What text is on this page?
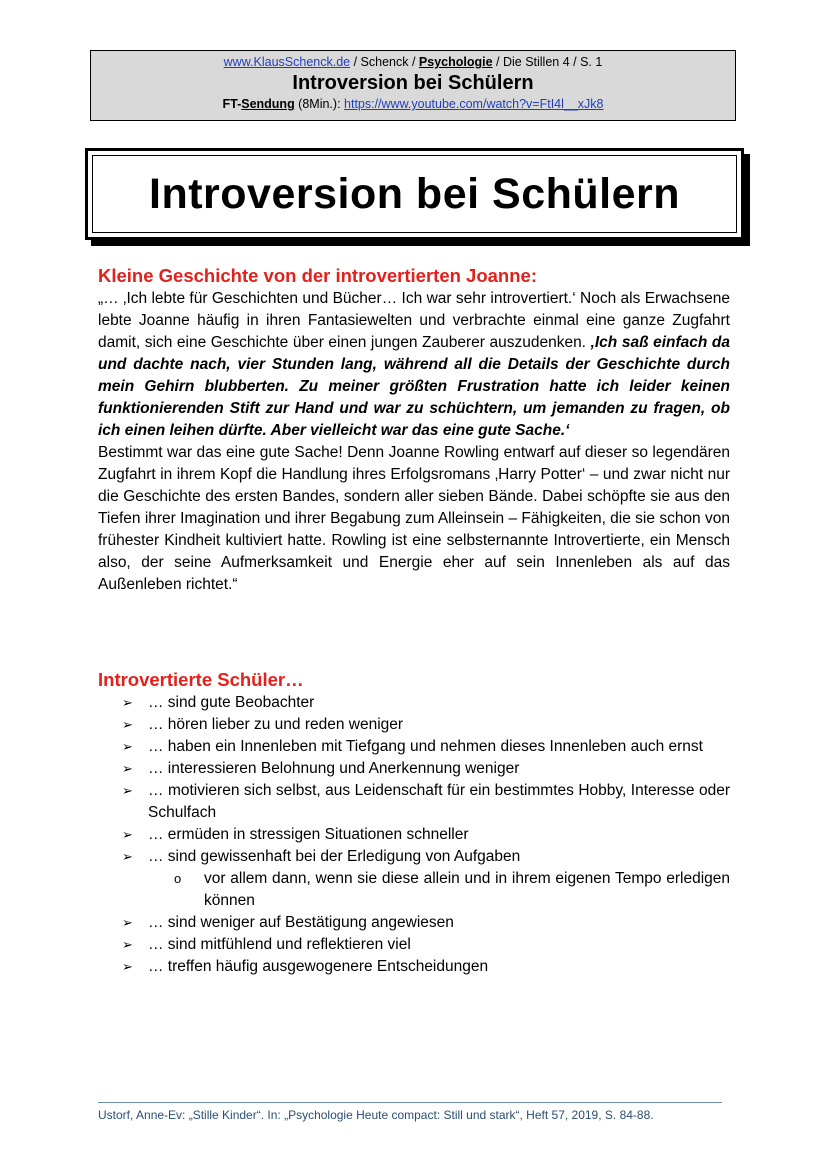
www.KlausSchenck.de / Schenck / Psychologie / Die Stillen 4 / S. 1
Introversion bei Schülern
FT-Sendung (8Min.): https://www.youtube.com/watch?v=FtI4l__xJk8
Introversion bei Schülern
Kleine Geschichte von der introvertierten Joanne:

„… ‚Ich lebte für Geschichten und Bücher… Ich war sehr introvertiert.‘ Noch als Erwachsene lebte Joanne häufig in ihren Fantasiewelten und verbrachte einmal eine ganze Zugfahrt damit, sich eine Geschichte über einen jungen Zauberer auszudenken. ‚Ich saß einfach da und dachte nach, vier Stunden lang, während all die Details der Geschichte durch mein Gehirn blubberten. Zu meiner größten Frustration hatte ich leider keinen funktionierenden Stift zur Hand und war zu schüchtern, um jemanden zu fragen, ob ich einen leihen dürfte. Aber vielleicht war das eine gute Sache.‘

Bestimmt war das eine gute Sache! Denn Joanne Rowling entwarf auf dieser so legendären Zugfahrt in ihrem Kopf die Handlung ihres Erfolgsromans ‚Harry Potter‘ – und zwar nicht nur die Geschichte des ersten Bandes, sondern aller sieben Bände. Dabei schöpfte sie aus den Tiefen ihrer Imagination und ihrer Begabung zum Alleinsein – Fähigkeiten, die sie schon von frühester Kindheit kultiviert hatte. Rowling ist eine selbsternannte Introvertierte, ein Mensch also, der seine Aufmerksamkeit und Energie eher auf sein Innenleben als auf das Außenleben richtet.“

Introvertierte Schüler…
➢ … sind gute Beobachter
➢ … hören lieber zu und reden weniger
➢ … haben ein Innenleben mit Tiefgang und nehmen dieses Innenleben auch ernst
➢ … interessieren Belohnung und Anerkennung weniger
➢ … motivieren sich selbst, aus Leidenschaft für ein bestimmtes Hobby, Interesse oder Schulfach
➢ … ermüden in stressigen Situationen schneller
➢ … sind gewissenhaft bei der Erledigung von Aufgaben
o vor allem dann, wenn sie diese allein und in ihrem eigenen Tempo erledigen können
➢ … sind weniger auf Bestätigung angewiesen
➢ … sind mitfühlend und reflektieren viel
➢ … treffen häufig ausgewogenere Entscheidungen
Ustorf, Anne-Ev: „Stille Kinder“. In: „Psychologie Heute compact: Still und stark“, Heft 57, 2019, S. 84-88.
